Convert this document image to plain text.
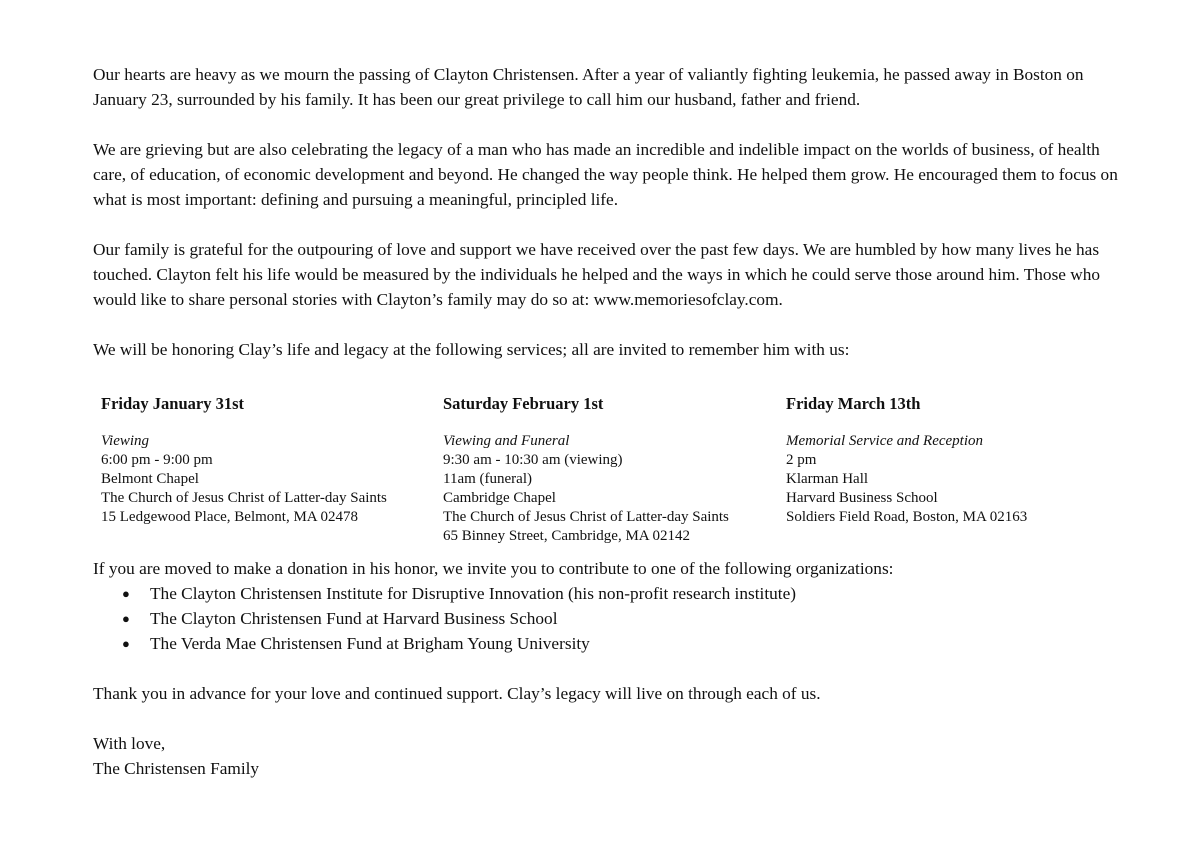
Our hearts are heavy as we mourn the passing of Clayton Christensen. After a year of valiantly fighting leukemia, he passed away in Boston on January 23, surrounded by his family. It has been our great privilege to call him our husband, father and friend.

We are grieving but are also celebrating the legacy of a man who has made an incredible and indelible impact on the worlds of business, of health care, of education, of economic development and beyond. He changed the way people think. He helped them grow. He encouraged them to focus on what is most important: defining and pursuing a meaningful, principled life.

Our family is grateful for the outpouring of love and support we have received over the past few days. We are humbled by how many lives he has touched. Clayton felt his life would be measured by the individuals he helped and the ways in which he could serve those around him. Those who would like to share personal stories with Clayton’s family may do so at: www.memoriesofclay.com.

We will be honoring Clay’s life and legacy at the following services; all are invited to remember him with us:

Friday January 31st
Viewing
6:00 pm - 9:00 pm
Belmont Chapel
The Church of Jesus Christ of Latter-day Saints
15 Ledgewood Place, Belmont, MA 02478
Saturday February 1st
Viewing and Funeral
9:30 am - 10:30 am (viewing)
11am (funeral)
Cambridge Chapel
The Church of Jesus Christ of Latter-day Saints
65 Binney Street, Cambridge, MA 02142
Friday March 13th
Memorial Service and Reception
2 pm
Klarman Hall
Harvard Business School
Soldiers Field Road, Boston, MA 02163

If you are moved to make a donation in his honor, we invite you to contribute to one of the following organizations:

● The Clayton Christensen Institute for Disruptive Innovation (his non-profit research institute)
● The Clayton Christensen Fund at Harvard Business School
● The Verda Mae Christensen Fund at Brigham Young University

Thank you in advance for your love and continued support. Clay’s legacy will live on through each of us.

With love,

The Christensen Family
